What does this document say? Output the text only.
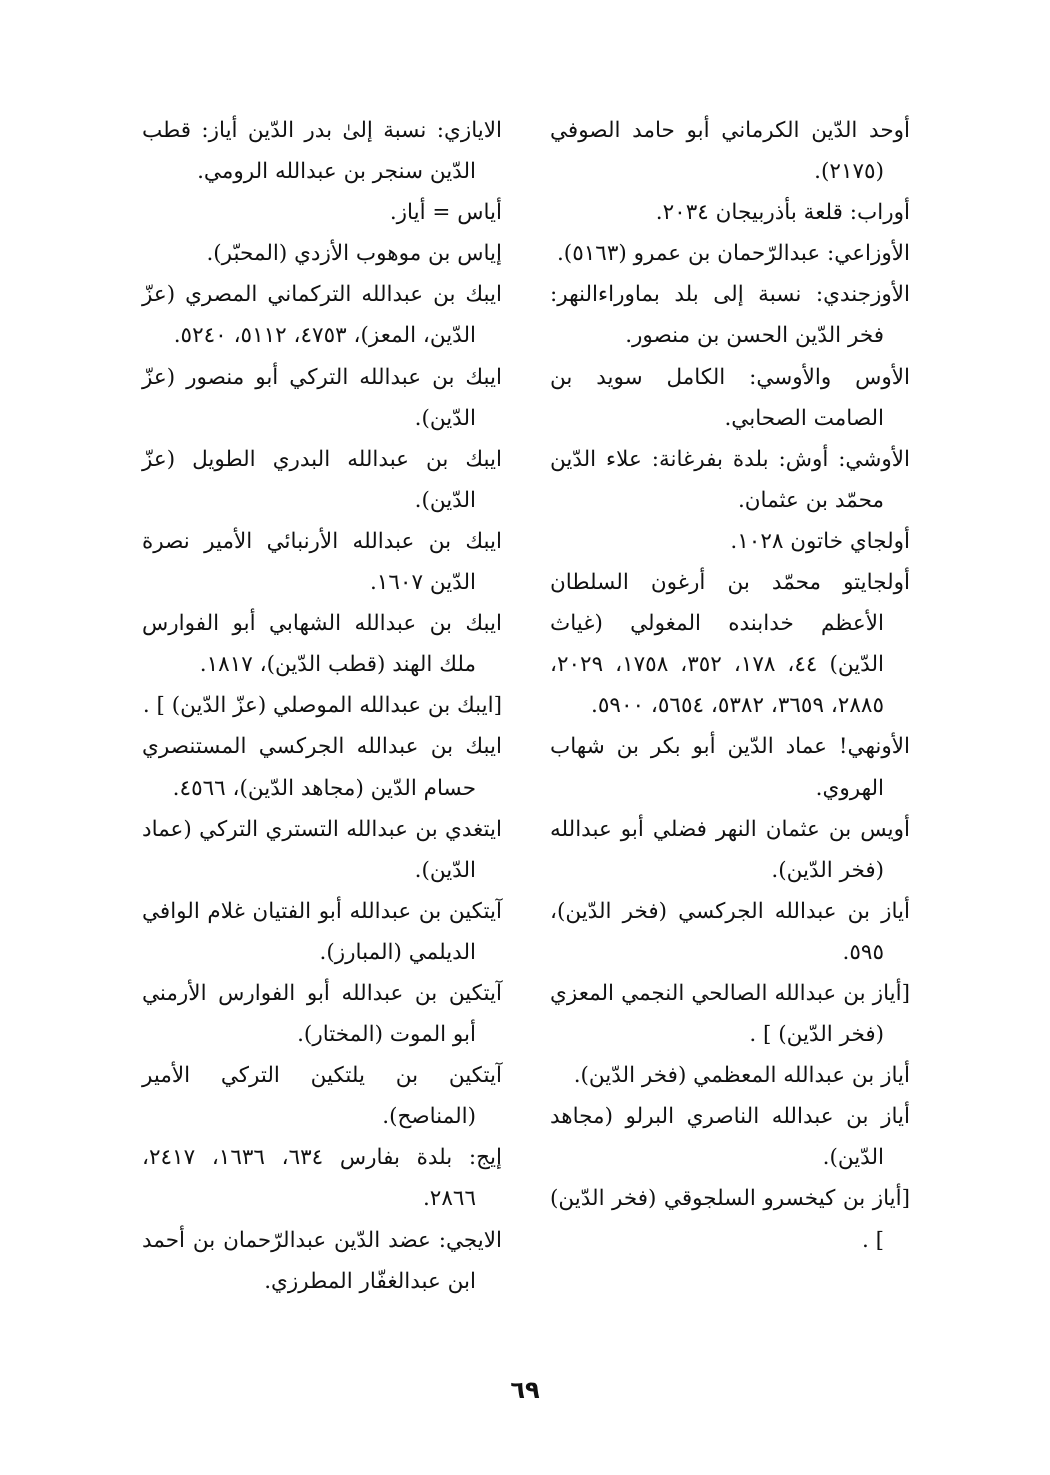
أوحد الدّين الكرماني أبو حامد الصوفي (٢١٧٥).

أوراب: قلعة بأذربيجان ٢٠٣٤.

الأوزاعي: عبدالرّحمان بن عمرو (٥١٦٣).

الأوزجندي: نسبة إلى بلد بماوراءالنهر: فخر الدّين الحسن بن منصور.

الأوس والأوسي: الكامل سويد بن الصامت الصحابي.

الأوشي: أوش: بلدة بفرغانة: علاء الدّين محمّد بن عثمان.

أولجاي خاتون ١٠٢٨.

أولجايتو محمّد بن أرغون السلطان الأعظم خدابنده المغولي (غياث الدّين) ٤٤، ١٧٨، ٣٥٢، ١٧٥٨، ٢٠٢٩، ٢٨٨٥، ٣٦٥٩، ٥٣٨٢، ٥٦٥٤، ٥٩٠٠.

الأونهي! عماد الدّين أبو بكر بن شهاب الهروي.

أويس بن عثمان النهر فضلي أبو عبدالله (فخر الدّين).

أياز بن عبدالله الجركسي (فخر الدّين)، ٥٩٥.

[أياز بن عبدالله الصالحي النجمي المعزي (فخر الدّين) ] .

أياز بن عبدالله المعظمي (فخر الدّين).

أياز بن عبدالله الناصري البرلو (مجاهد الدّين).

[أياز بن كيخسرو السلجوقي (فخر الدّين) ] .

الايازي: نسبة إلىٰ بدر الدّين أياز: قطب الدّين سنجر بن عبدالله الرومي.

أياس = أياز.

إياس بن موهوب الأزدي (المحبّر).

ايبك بن عبدالله التركماني المصري (عزّ الدّين، المعز)، ٤٧٥٣، ٥١١٢، ٥٢٤٠.

ايبك بن عبدالله التركي أبو منصور (عزّ الدّين).

ايبك بن عبدالله البدري الطويل (عزّ الدّين).

ايبك بن عبدالله الأرنبائي الأمير نصرة الدّين ١٦٠٧.

ايبك بن عبدالله الشهابي أبو الفوارس ملك الهند (قطب الدّين)، ١٨١٧.

[ايبك بن عبدالله الموصلي (عزّ الدّين) ] .

ايبك بن عبدالله الجركسي المستنصري حسام الدّين (مجاهد الدّين)، ٤٥٦٦.

ايتغدي بن عبدالله التستري التركي (عماد الدّين).

آيتكين بن عبدالله أبو الفتيان غلام الوافي الديلمي (المبارز).

آيتكين بن عبدالله أبو الفوارس الأرمني أبو الموت (المختار).

آيتكين بن يلتكين التركي الأمير (المناصح).

إيج: بلدة بفارس ٦٣٤، ١٦٣٦، ٢٤١٧، ٢٨٦٦.

الايجي: عضد الدّين عبدالرّحمان بن أحمد ابن عبدالغفّار المطرزي.

٦٩
